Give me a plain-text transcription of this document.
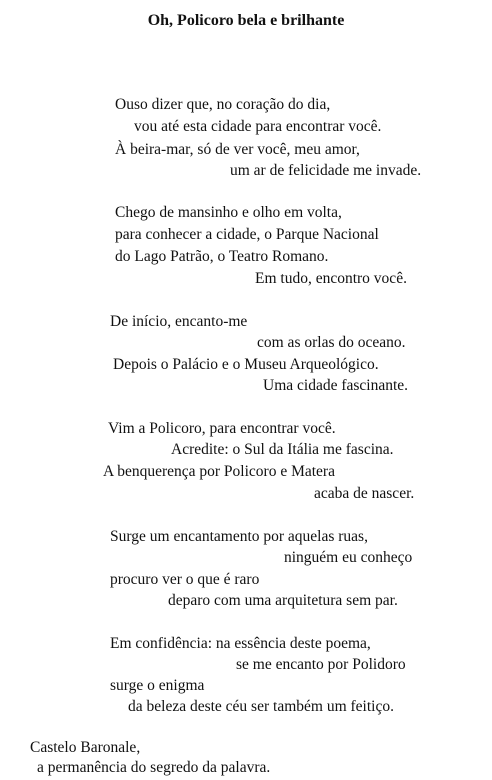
Oh, Policoro bela e brilhante
Ouso dizer que, no coração do dia,
vou até esta cidade para encontrar você.
À beira-mar, só de ver você, meu amor,
um ar de felicidade me invade.
Chego de mansinho e olho em volta,
para conhecer a cidade, o Parque Nacional
do Lago Patrão, o Teatro Romano.
Em tudo, encontro você.
De início, encanto-me
com as orlas do oceano.
Depois o Palácio e o Museu Arqueológico.
Uma cidade fascinante.
Vim a Policoro, para encontrar você.
Acredite: o Sul da Itália me fascina.
A benquerença por Policoro e Matera
acaba de nascer.
Surge um encantamento por aquelas ruas,
ninguém eu conheço
procuro ver o que é raro
deparo com uma arquitetura sem par.
Em confidência: na essência deste poema,
se me encanto por Polidoro
surge o enigma
da beleza deste céu ser também um feitiço.
Castelo Baronale,
a permanência do segredo da palavra.
